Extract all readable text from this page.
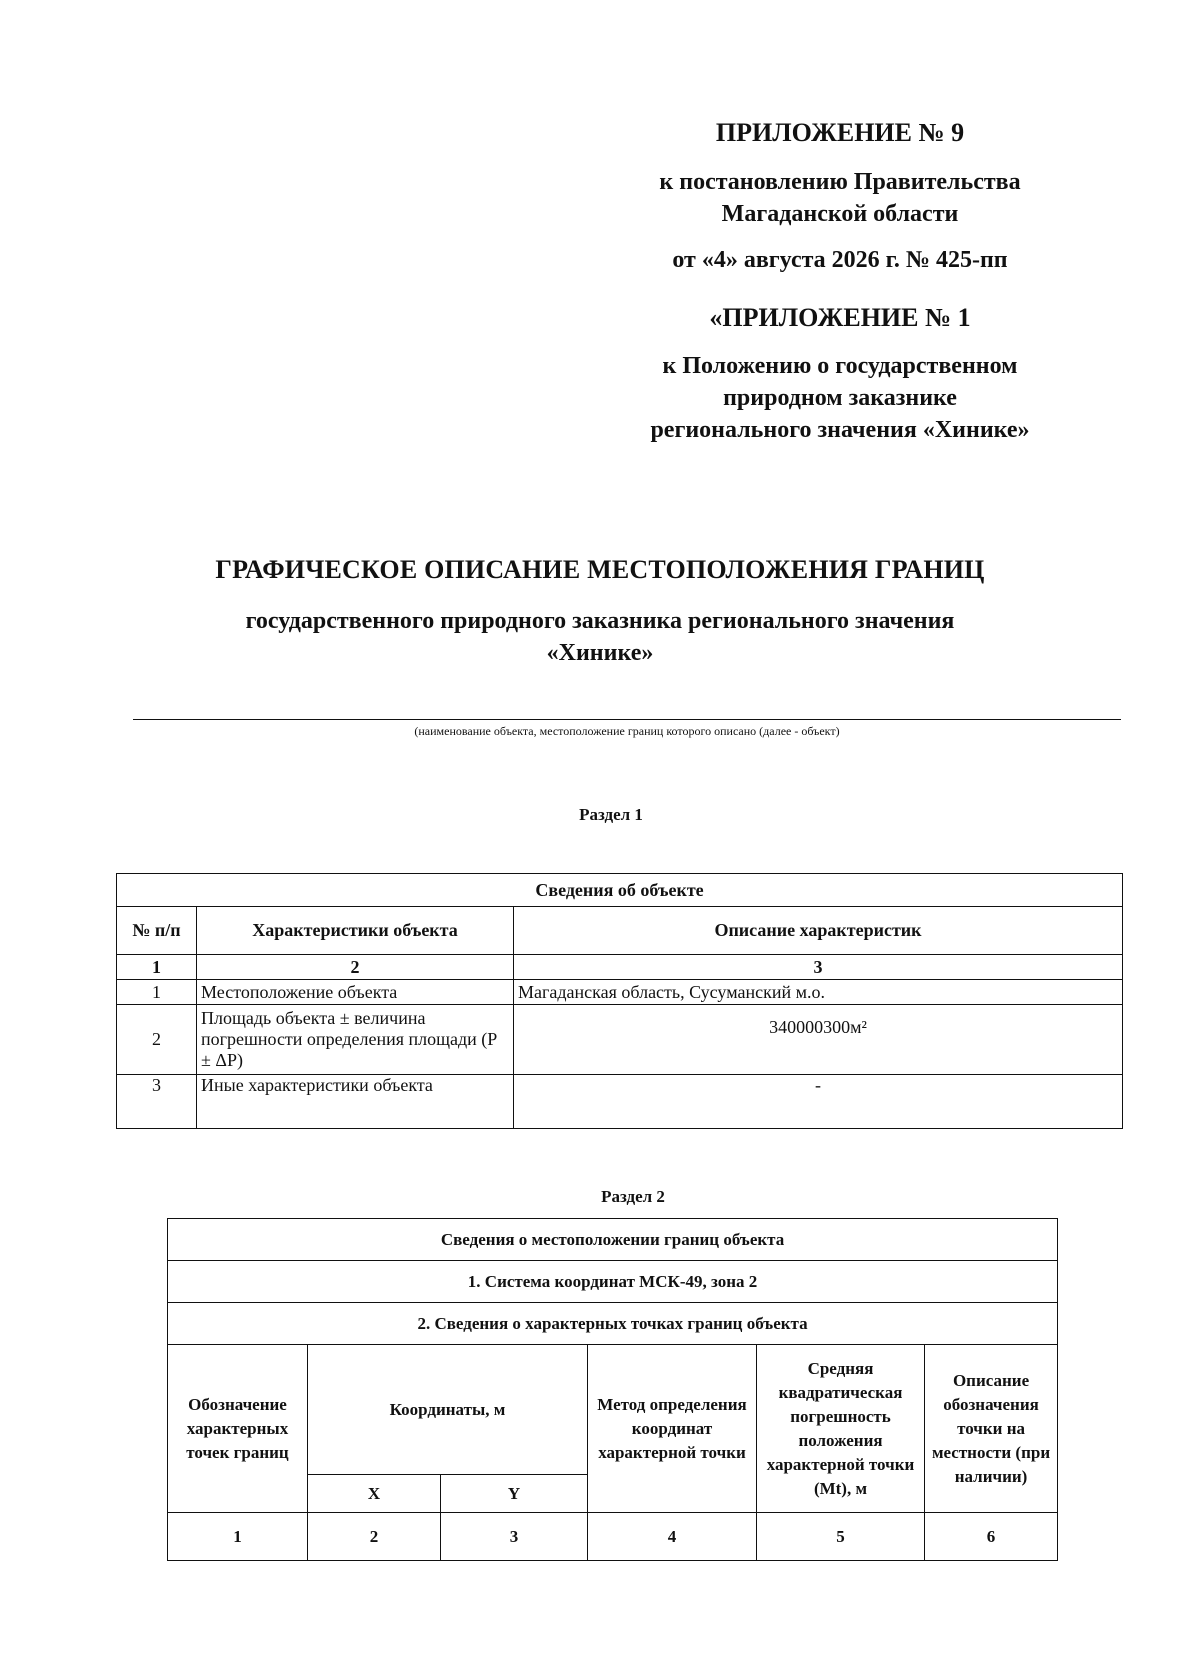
ПРИЛОЖЕНИЕ № 9
к постановлению Правительства
Магаданской области
от «4» августа 2026 г. № 425-пп
«ПРИЛОЖЕНИЕ № 1
к Положению о государственном
природном заказнике
регионального значения «Хинике»
ГРАФИЧЕСКОЕ ОПИСАНИЕ МЕСТОПОЛОЖЕНИЯ ГРАНИЦ
государственного природного заказника регионального значения
«Хинике»
(наименование объекта, местоположение границ которого описано (далее - объект)
Раздел 1
Сведения об объекте		
№ п/п	Характеристики объекта	Описание характеристик
1	2	3
1	Местоположение объекта	Магаданская область, Сусуманский м.о.
2	Площадь объекта ± величина погрешности определения площади (P ± ΔP)	340000300м²
3	Иные характеристики объекта	-
Раздел 2
Сведения о местоположении границ объекта					
1. Система координат МСК-49, зона 2					
2. Сведения о характерных точках границ объекта					
Обозначение характерных точек границ	Координаты, м		Метод определения координат характерной точки	Средняя квадратическая погрешность положения характерной точки (Mt), м	Описание обозначения точки на местности (при наличии)
	X	Y			
1	2	3	4	5	6
